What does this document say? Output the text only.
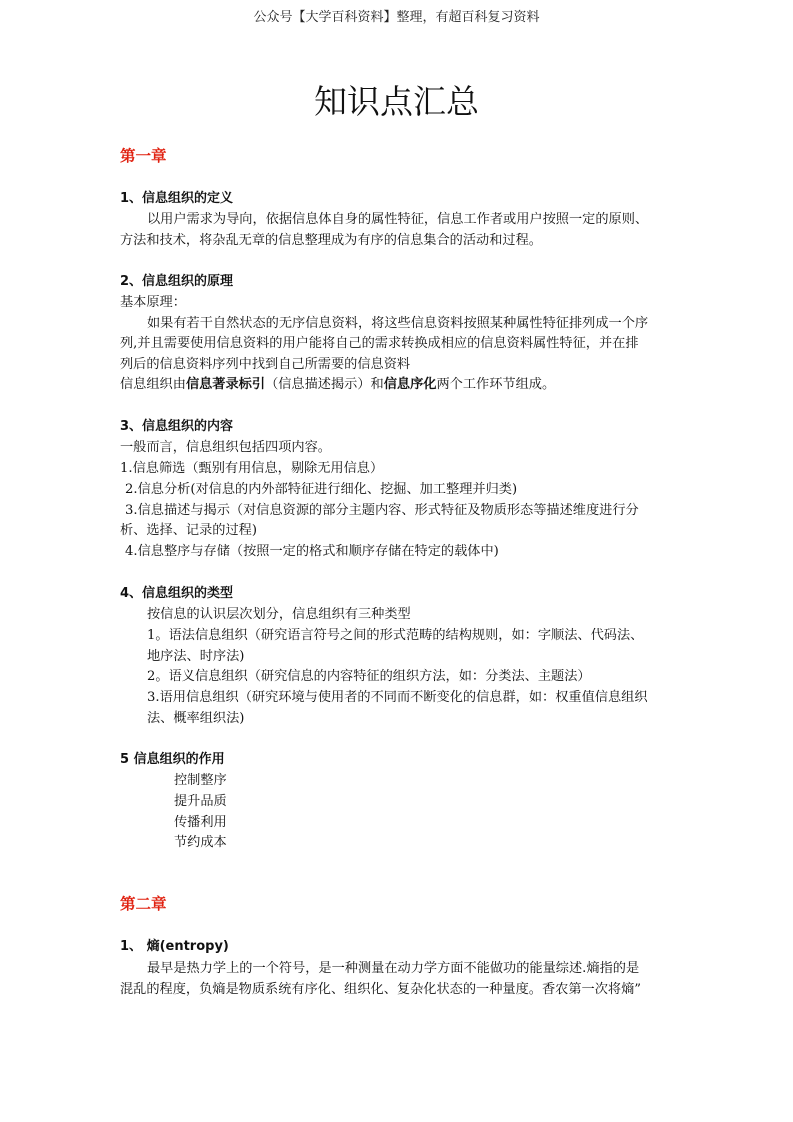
公众号【大学百科资料】整理，有超百科复习资料
知识点汇总
第一章
1、信息组织的定义
以用户需求为导向，依据信息体自身的属性特征，信息工作者或用户按照一定的原则、
方法和技术，将杂乱无章的信息整理成为有序的信息集合的活动和过程。
2、信息组织的原理
基本原理：
如果有若干自然状态的无序信息资料，将这些信息资料按照某种属性特征排列成一个序
列,并且需要使用信息资料的用户能将自己的需求转换成相应的信息资料属性特征，并在排
列后的信息资料序列中找到自己所需要的信息资料
信息组织由信息著录标引（信息描述揭示）和信息序化两个工作环节组成。
3、信息组织的内容
一般而言，信息组织包括四项内容。
1.信息筛选（甄别有用信息，剔除无用信息）
2.信息分析(对信息的内外部特征进行细化、挖掘、加工整理并归类)
3.信息描述与揭示（对信息资源的部分主题内容、形式特征及物质形态等描述维度进行分
析、选择、记录的过程)
4.信息整序与存储（按照一定的格式和顺序存储在特定的载体中)
4、信息组织的类型
按信息的认识层次划分，信息组织有三种类型
1。语法信息组织（研究语言符号之间的形式范畴的结构规则，如：字顺法、代码法、
地序法、时序法)
2。语义信息组织（研究信息的内容特征的组织方法，如：分类法、主题法）
3.语用信息组织（研究环境与使用者的不同而不断变化的信息群，如：权重值信息组织
法、概率组织法)
5 信息组织的作用
控制整序
提升品质
传播利用
节约成本
第二章
1、 熵(entropy)
最早是热力学上的一个符号，是一种测量在动力学方面不能做功的能量综述.熵指的是
混乱的程度，负熵是物质系统有序化、组织化、复杂化状态的一种量度。香农第一次将熵”
